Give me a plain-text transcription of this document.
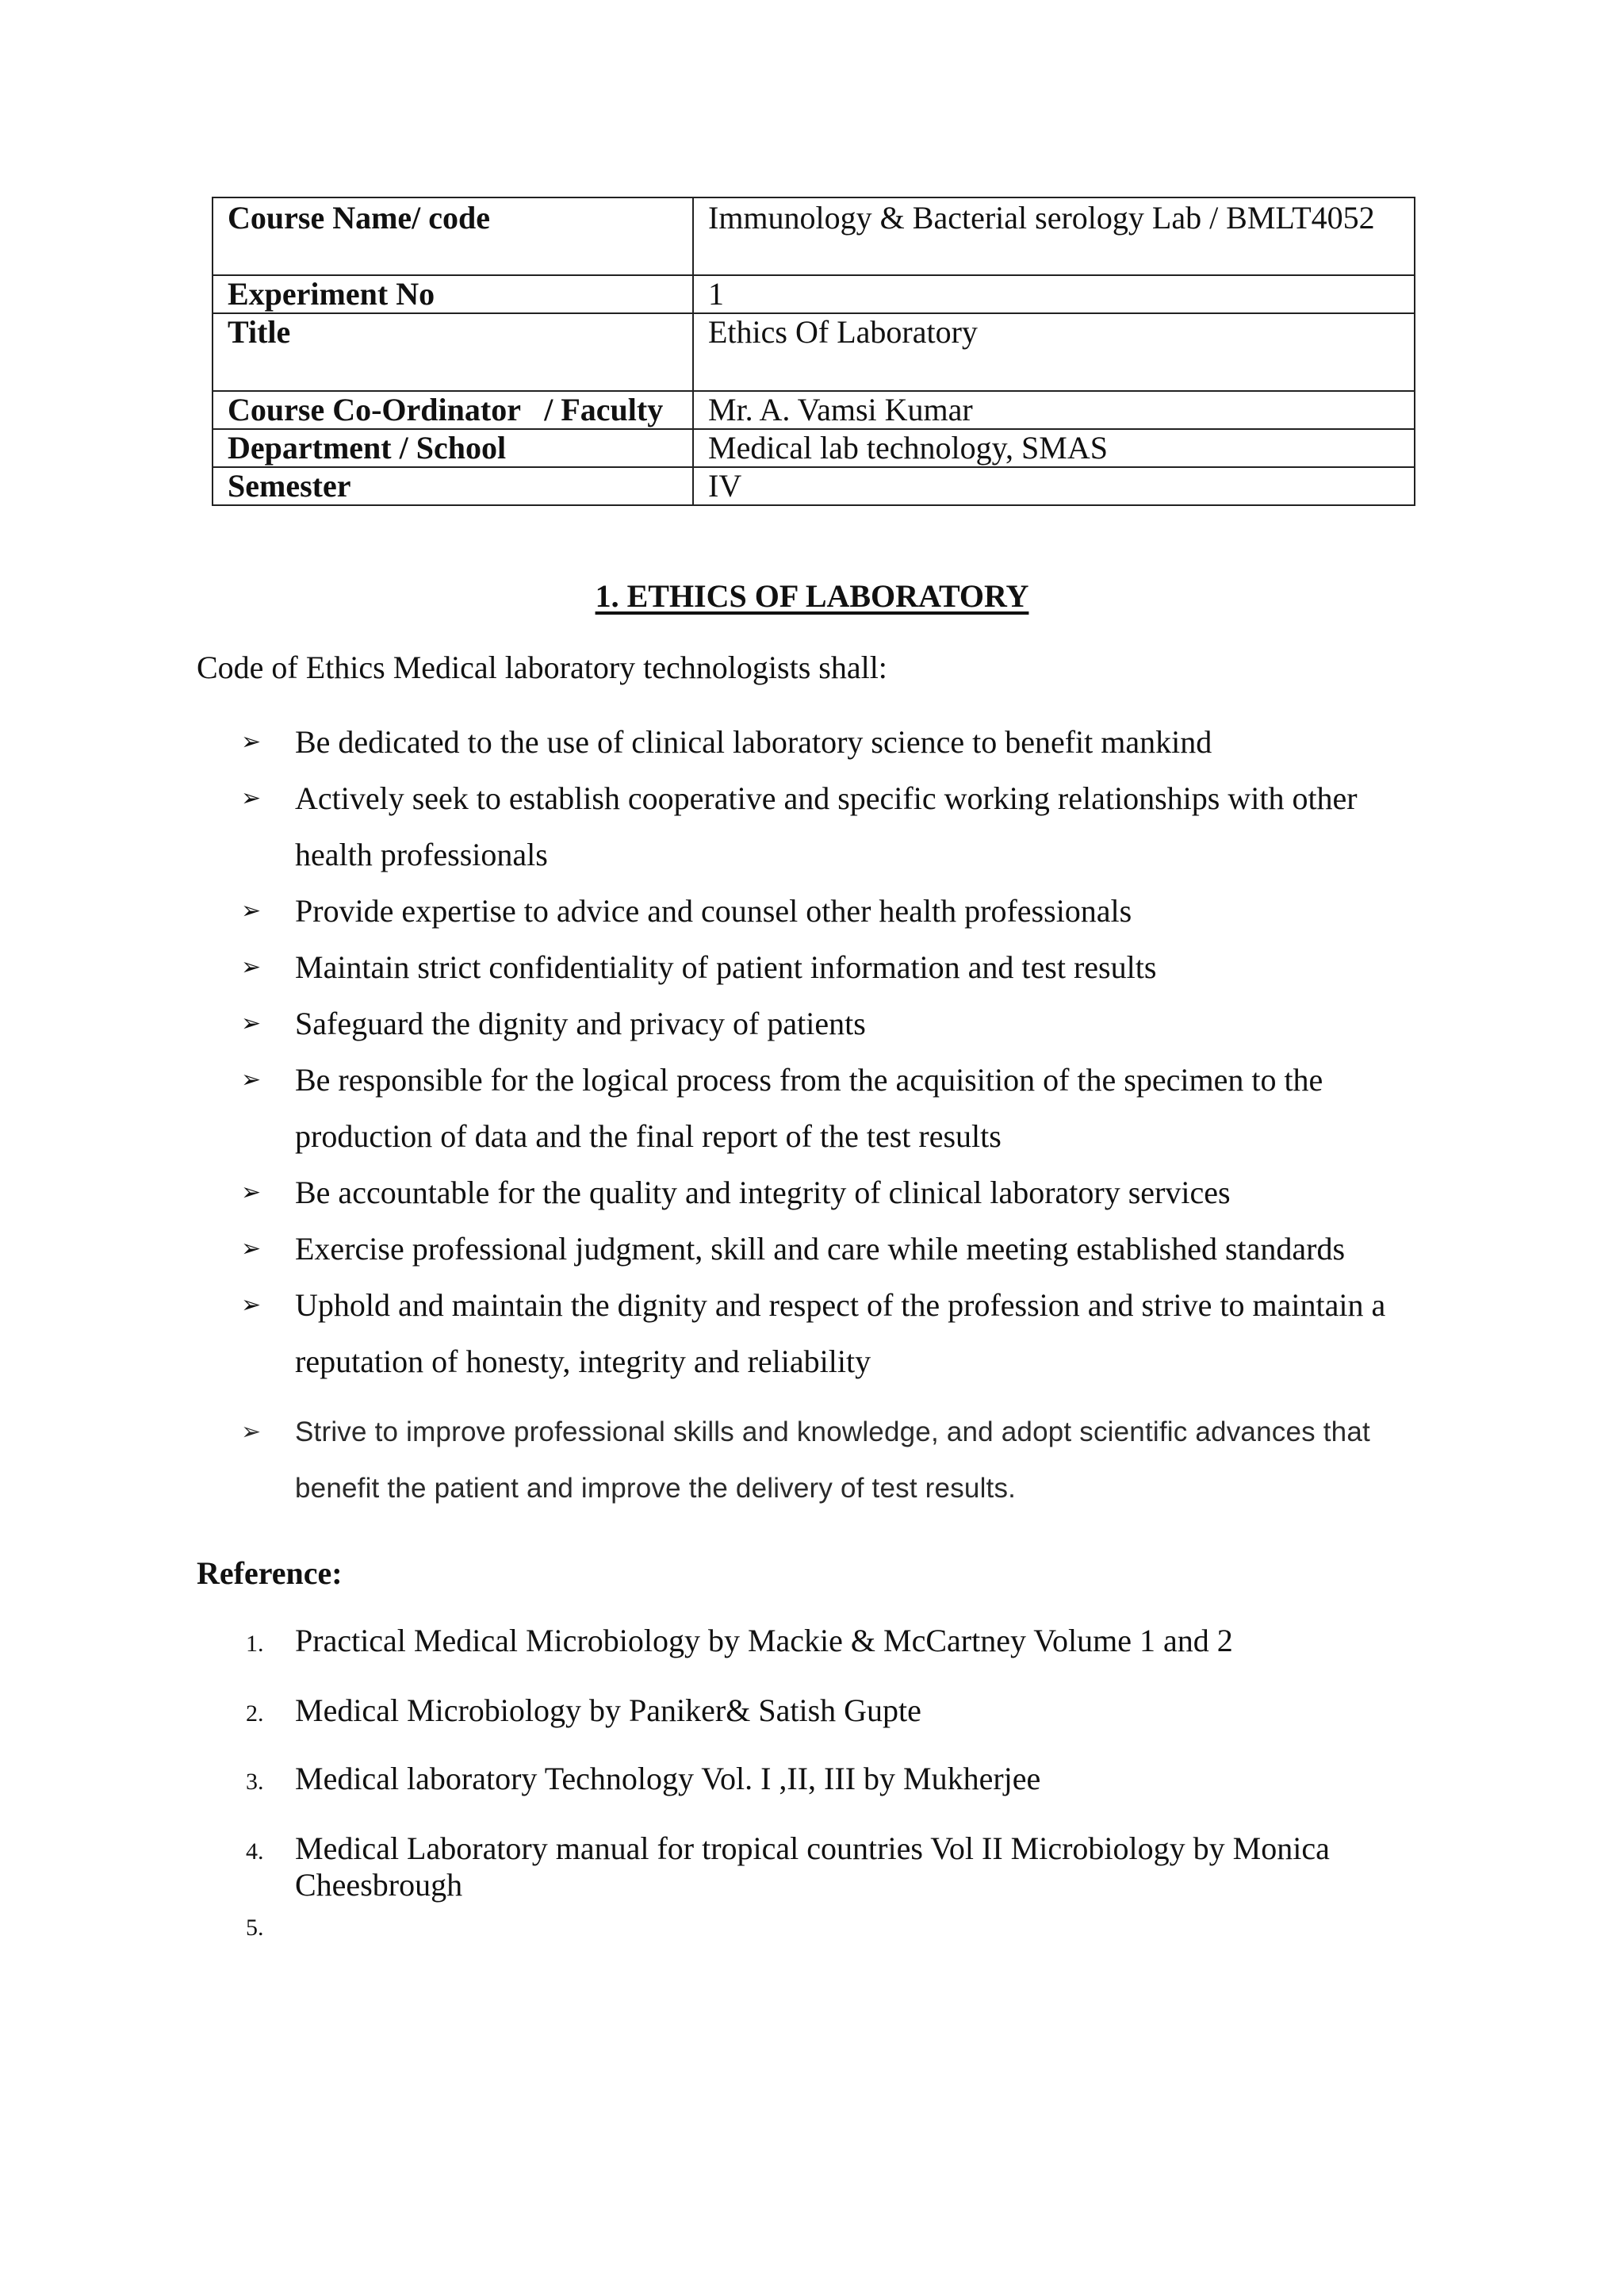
Course Name/ code	Immunology & Bacterial serology Lab / BMLT4052
Experiment No	1
Title	Ethics Of Laboratory
Course Co-Ordinator   / Faculty	Mr. A. Vamsi Kumar
Department / School	Medical lab technology, SMAS
Semester	IV
1. ETHICS OF LABORATORY
Code of Ethics Medical laboratory technologists shall:
➢	Be dedicated to the use of clinical laboratory science to benefit mankind
➢	Actively seek to establish cooperative and specific working relationships with other health professionals
➢	Provide expertise to advice and counsel other health professionals
➢	Maintain strict confidentiality of patient information and test results
➢	Safeguard the dignity and privacy of patients
➢	Be responsible for the logical process from the acquisition of the specimen to the production of data and the final report of the test results
➢	Be accountable for the quality and integrity of clinical laboratory services
➢	Exercise professional judgment, skill and care while meeting established standards
➢	Uphold and maintain the dignity and respect of the profession and strive to maintain a reputation of honesty, integrity and reliability
➢	Strive to improve professional skills and knowledge, and adopt scientific advances that benefit the patient and improve the delivery of test results.
Reference:
1. Practical Medical Microbiology by Mackie & McCartney Volume 1 and 2
2. Medical Microbiology by Paniker& Satish Gupte
3. Medical laboratory Technology Vol. I ,II, III by Mukherjee
4. Medical Laboratory manual for tropical countries Vol II Microbiology by Monica Cheesbrough
5.
